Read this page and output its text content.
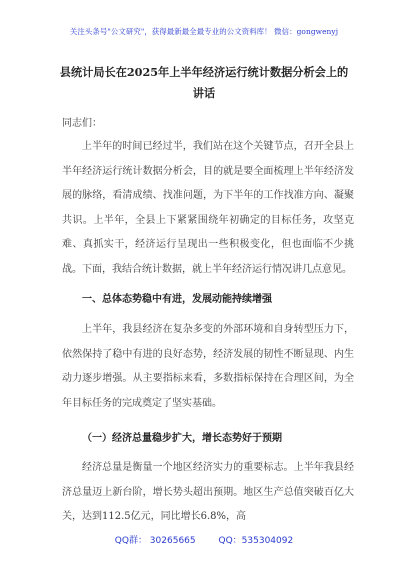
关注头条号"公文研究"，获得最新最全最专业的公文资料库！ 微信：gongwenyj
县统计局长在2025年上半年经济运行统计数据分析会上的
讲话
同志们：
上半年的时间已经过半，我们站在这个关键节点，召开全县上半年经济运行统计数据分析会，目的就是要全面梳理上半年经济发展的脉络，看清成绩、找准问题，为下半年的工作找准方向、凝聚共识。上半年，全县上下紧紧围绕年初确定的目标任务，攻坚克难、真抓实干，经济运行呈现出一些积极变化，但也面临不少挑战。下面，我结合统计数据，就上半年经济运行情况讲几点意见。
一、总体态势稳中有进，发展动能持续增强
上半年，我县经济在复杂多变的外部环境和自身转型压力下，依然保持了稳中有进的良好态势，经济发展的韧性不断显现、内生动力逐步增强。从主要指标来看，多数指标保持在合理区间，为全年目标任务的完成奠定了坚实基础。
（一）经济总量稳步扩大，增长态势好于预期
经济总量是衡量一个地区经济实力的重要标志。上半年我县经济总量迈上新台阶，增长势头超出预期。地区生产总值突破百亿大关，达到112.5亿元，同比增长6.8%，高
QQ群： 30265665	QQ：535304092
